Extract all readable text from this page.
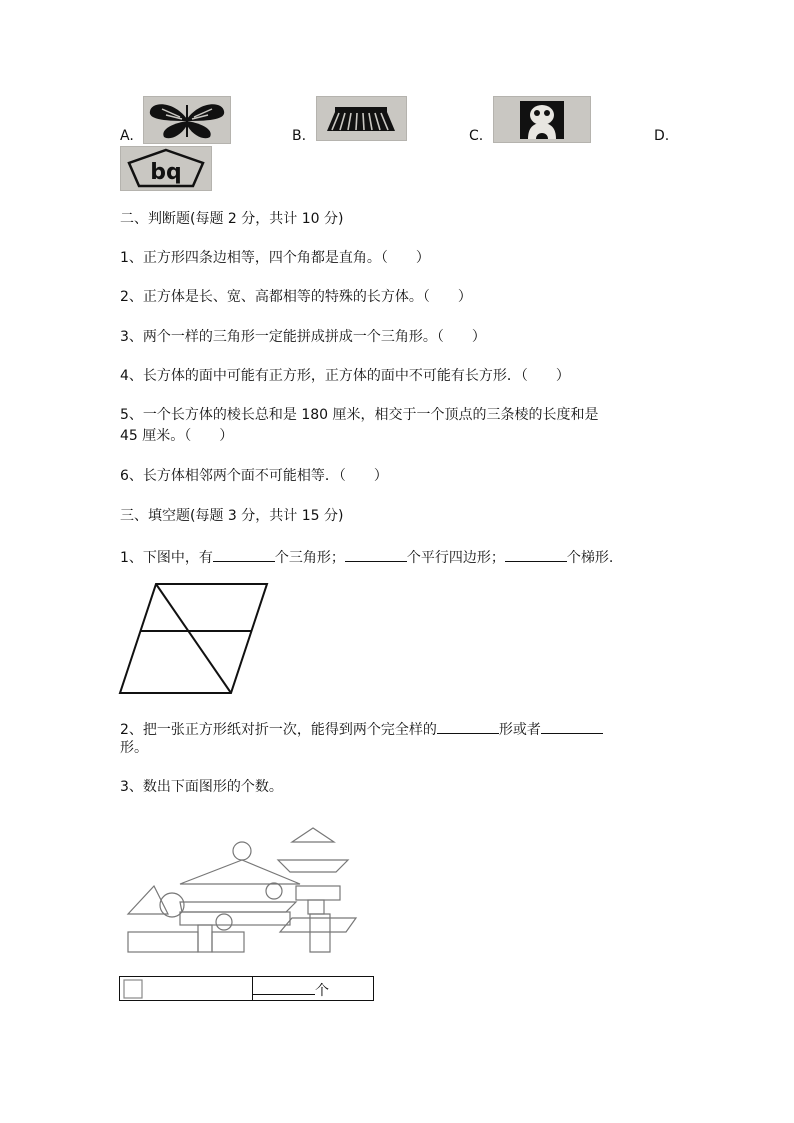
A.	B.	C.	D.
bq
二、判断题(每题 2 分，共计 10 分)
1、正方形四条边相等，四个角都是直角。（　　）
2、正方体是长、宽、高都相等的特殊的长方体。（　　）
3、两个一样的三角形一定能拼成拼成一个三角形。（　　）
4、长方体的面中可能有正方形，正方体的面中不可能有长方形．（　　）
5、一个长方体的棱长总和是 180 厘米，相交于一个顶点的三条棱的长度和是
45 厘米。（　　）
6、长方体相邻两个面不可能相等．（　　）
三、填空题(每题 3 分，共计 15 分)
1、下图中，有	个三角形；	个平行四边形；	个梯形.
2、把一张正方形纸对折一次，能得到两个完全样的	形或者
形。
3、数出下面图形的个数。
个
